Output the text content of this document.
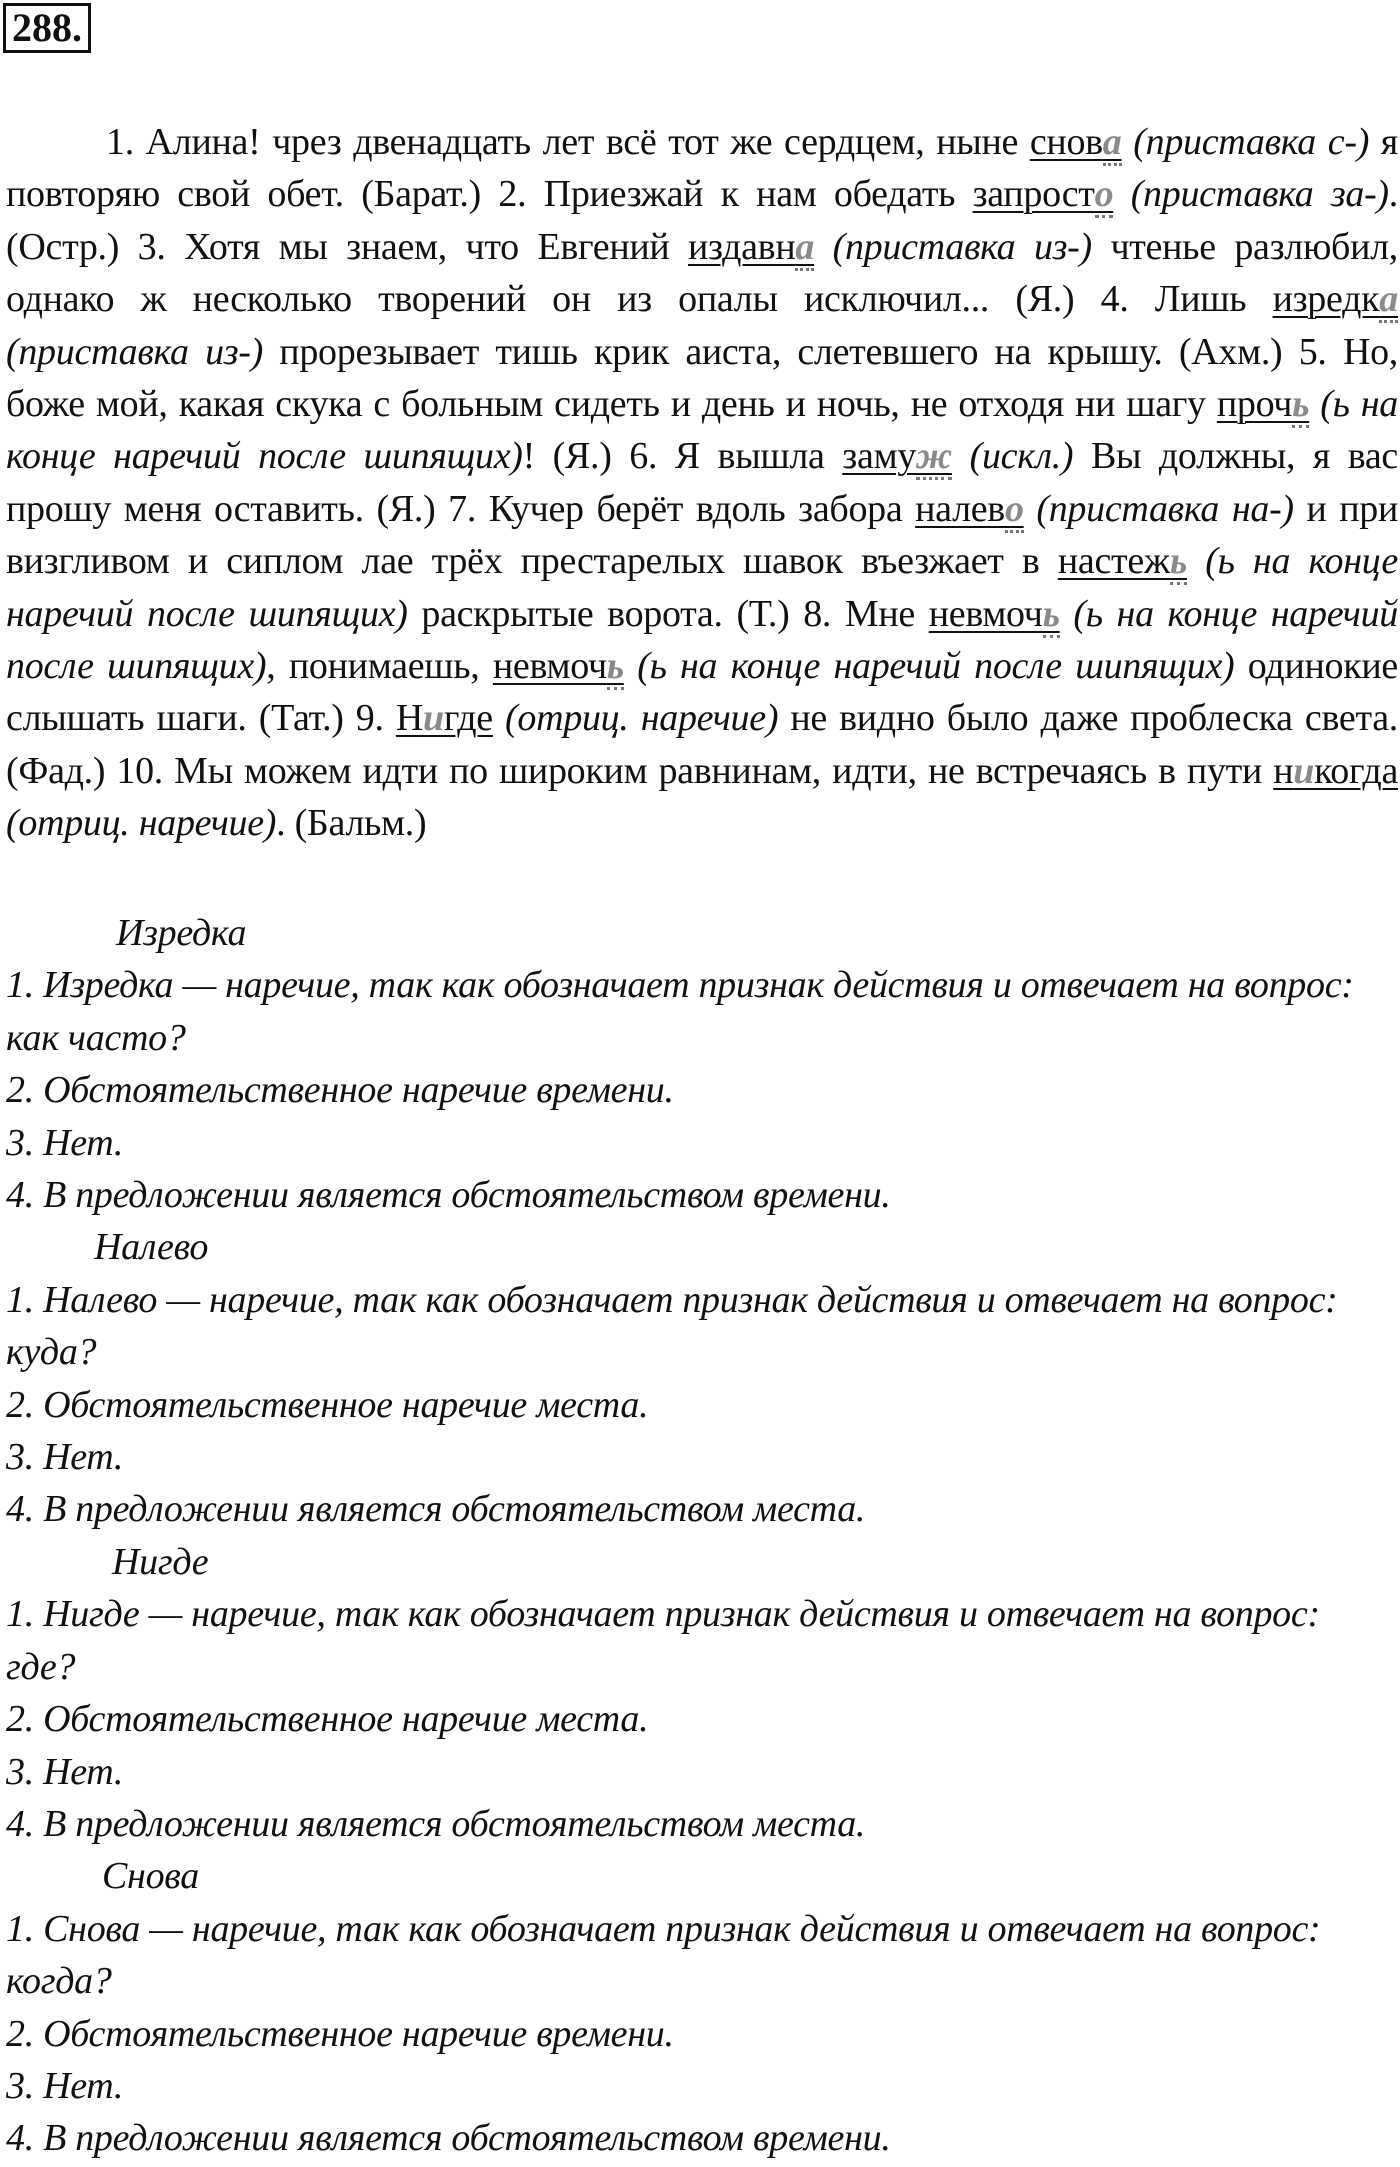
288.

1. Алина! чрез двенадцать лет всё тот же сердцем, ныне снова (приставка с-) я повторяю свой обет. (Барат.) 2. Приезжай к нам обедать запросто (приставка за-). (Остр.) 3. Хотя мы знаем, что Евгений издавна (приставка из-) чтенье разлюбил, однако ж несколько творений он из опалы исключил... (Я.) 4. Лишь изредка (приставка из-) прорезывает тишь крик аиста, слетевшего на крышу. (Ахм.) 5. Но, боже мой, какая скука с больным сидеть и день и ночь, не отходя ни шагу прочь (ь на конце наречий после шипящих)! (Я.) 6. Я вышла замуж (искл.) Вы должны, я вас прошу меня оставить. (Я.) 7. Кучер берёт вдоль забора налево (приставка на-) и при визгливом и сиплом лае трёх престарелых шавок въезжает в настежь (ь на конце наречий после шипящих) раскрытые ворота. (Т.) 8. Мне невмочь (ь на конце наречий после шипящих), понимаешь, невмочь (ь на конце наречий после шипящих) одинокие слышать шаги. (Тат.) 9. Нигде (отриц. наречие) не видно было даже проблеска света. (Фад.) 10. Мы можем идти по широким равнинам, идти, не встречаясь в пути никогда (отриц. наречие). (Бальм.)

Изредка
1. Изредка — наречие, так как обозначает признак действия и отвечает на вопрос: как часто?
2. Обстоятельственное наречие времени.
3. Нет.
4. В предложении является обстоятельством времени.
Налево
1. Налево — наречие, так как обозначает признак действия и отвечает на вопрос: куда?
2. Обстоятельственное наречие места.
3. Нет.
4. В предложении является обстоятельством места.
Нигде
1. Нигде — наречие, так как обозначает признак действия и отвечает на вопрос: где?
2. Обстоятельственное наречие места.
3. Нет.
4. В предложении является обстоятельством места.
Снова
1. Снова — наречие, так как обозначает признак действия и отвечает на вопрос: когда?
2. Обстоятельственное наречие времени.
3. Нет.
4. В предложении является обстоятельством времени.
